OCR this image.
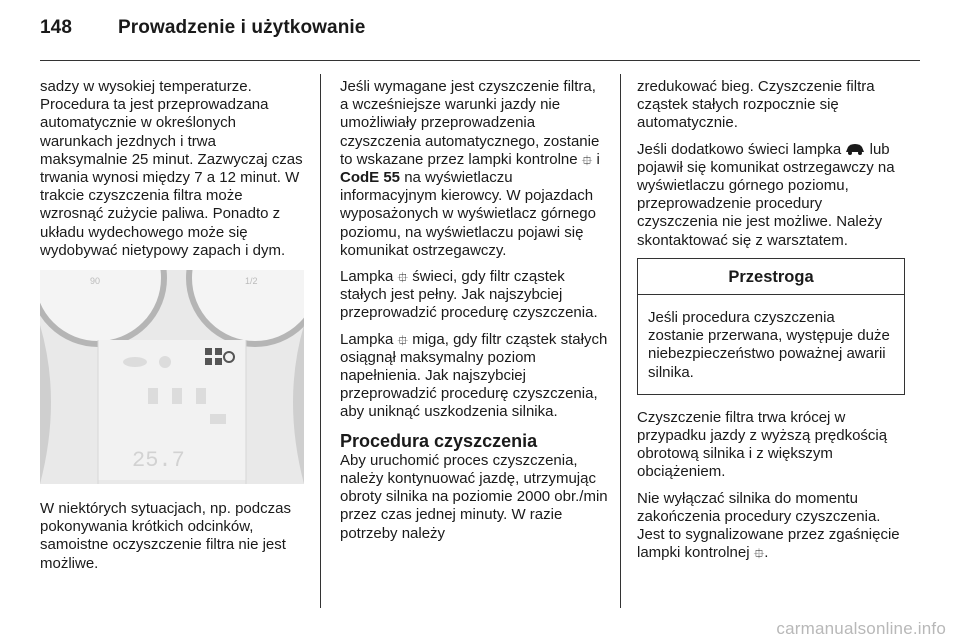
148 Prowadzenie i użytkowanie

sadzy w wysokiej temperaturze. Procedura ta jest przeprowadzana automatycznie w określonych warunkach jezdnych i trwa maksymalnie 25 minut. Zazwyczaj czas trwania wynosi między 7 a 12 minut. W trakcie czyszczenia filtra może wzrosnąć zużycie paliwa. Ponadto z układu wydechowego może się wydobywać nietypowy zapach i dym.

90	1/2
25.7

W niektórych sytuacjach, np. podczas pokonywania krótkich odcinków, samoistne oczyszczenie filtra nie jest możliwe.

Jeśli wymagane jest czyszczenie filtra, a wcześniejsze warunki jazdy nie umożliwiały przeprowadzenia czyszczenia automatycznego, zostanie to wskazane przez lampki kontrolne ⯐ i CodE 55 na wyświetlaczu informacyjnym kierowcy. W pojazdach wyposażonych w wyświetlacz górnego poziomu, na wyświetlaczu pojawi się komunikat ostrzegawczy.

Lampka ⯐ świeci, gdy filtr cząstek stałych jest pełny. Jak najszybciej przeprowadzić procedurę czyszczenia.

Lampka ⯐ miga, gdy filtr cząstek stałych osiągnął maksymalny poziom napełnienia. Jak najszybciej przeprowadzić procedurę czyszczenia, aby uniknąć uszkodzenia silnika.

Procedura czyszczenia

Aby uruchomić proces czyszczenia, należy kontynuować jazdę, utrzymując obroty silnika na poziomie 2000 obr./min przez czas jednej minuty. W razie potrzeby należy

zredukować bieg. Czyszczenie filtra cząstek stałych rozpocznie się automatycznie.

Jeśli dodatkowo świeci lampka lub pojawił się komunikat ostrzegawczy na wyświetlaczu górnego poziomu, przeprowadzenie procedury czyszczenia nie jest możliwe. Należy skontaktować się z warsztatem.

Przestroga
Jeśli procedura czyszczenia zostanie przerwana, występuje duże niebezpieczeństwo poważnej awarii silnika.

Czyszczenie filtra trwa krócej w przypadku jazdy z wyższą prędkością obrotową silnika i z większym obciążeniem.

Nie wyłączać silnika do momentu zakończenia procedury czyszczenia. Jest to sygnalizowane przez zgaśnięcie lampki kontrolnej ⯐.

carmanualsonline.info
